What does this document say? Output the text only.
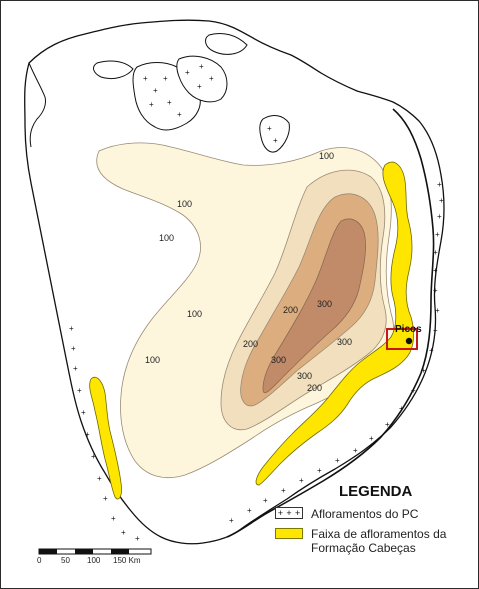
+
+
+
+ +
+
+
+
+
+
+
+
+
+
+
+
+
+
+
+
+
+
+
+
+
+
+
+
+
+
+
+
+
+
+
+
+
+
+
+
+
+
+
+
+
+
+
100
100
100
100
100
200
200
200
300
300
300
300
Picos
LEGENDA
+ + + Afloramentos do PC
Faixa de afloramentos da
Formação Cabeças
0 50 100 150 Km
